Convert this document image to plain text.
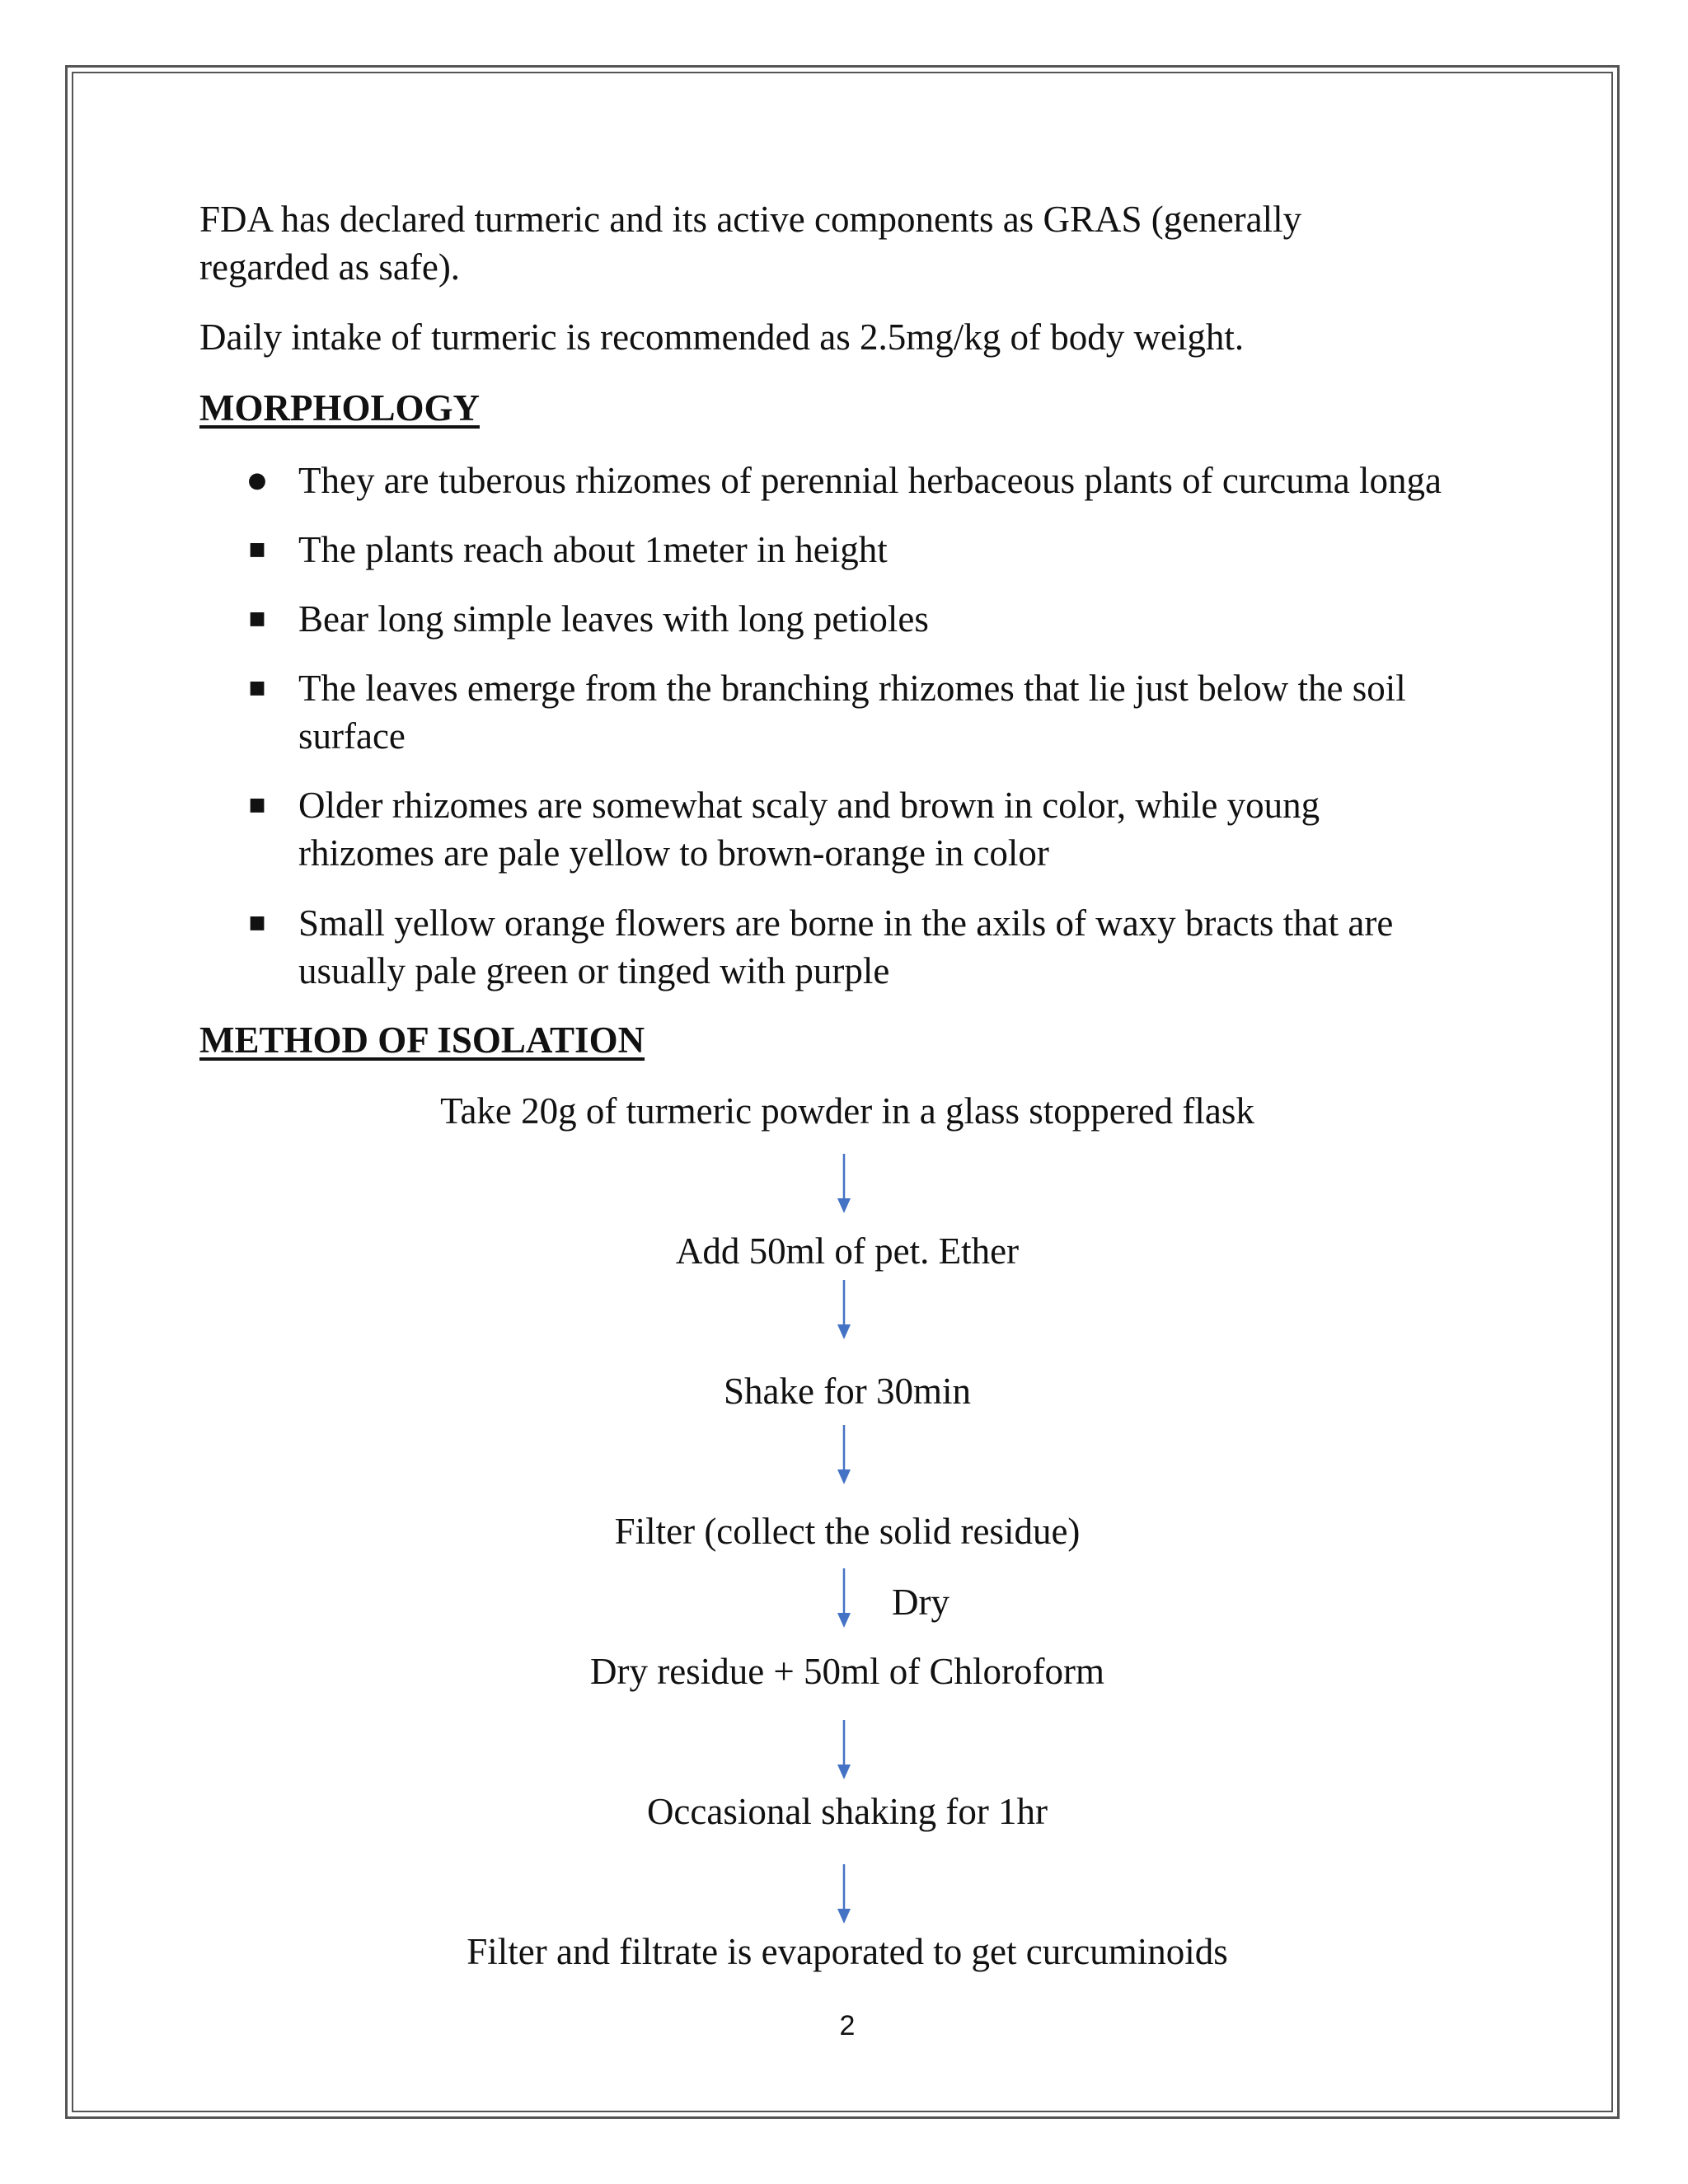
FDA has declared turmeric and its active components as GRAS (generally
regarded as safe).

Daily intake of turmeric is recommended as 2.5mg/kg of body weight.

MORPHOLOGY
● They are tuberous rhizomes of perennial herbaceous plants of curcuma longa
■ The plants reach about 1meter in height
■ Bear long simple leaves with long petioles
■ The leaves emerge from the branching rhizomes that lie just below the soil
surface
■ Older rhizomes are somewhat scaly and brown in color, while young
rhizomes are pale yellow to brown-orange in color
■ Small yellow orange flowers are borne in the axils of waxy bracts that are
usually pale green or tinged with purple
METHOD OF ISOLATION
Take 20g of turmeric powder in a glass stoppered flask
Add 50ml of pet. Ether
Shake for 30min
Filter (collect the solid residue)
Dry
Dry residue + 50ml of Chloroform
Occasional shaking for 1hr
Filter and filtrate is evaporated to get curcuminoids
2
